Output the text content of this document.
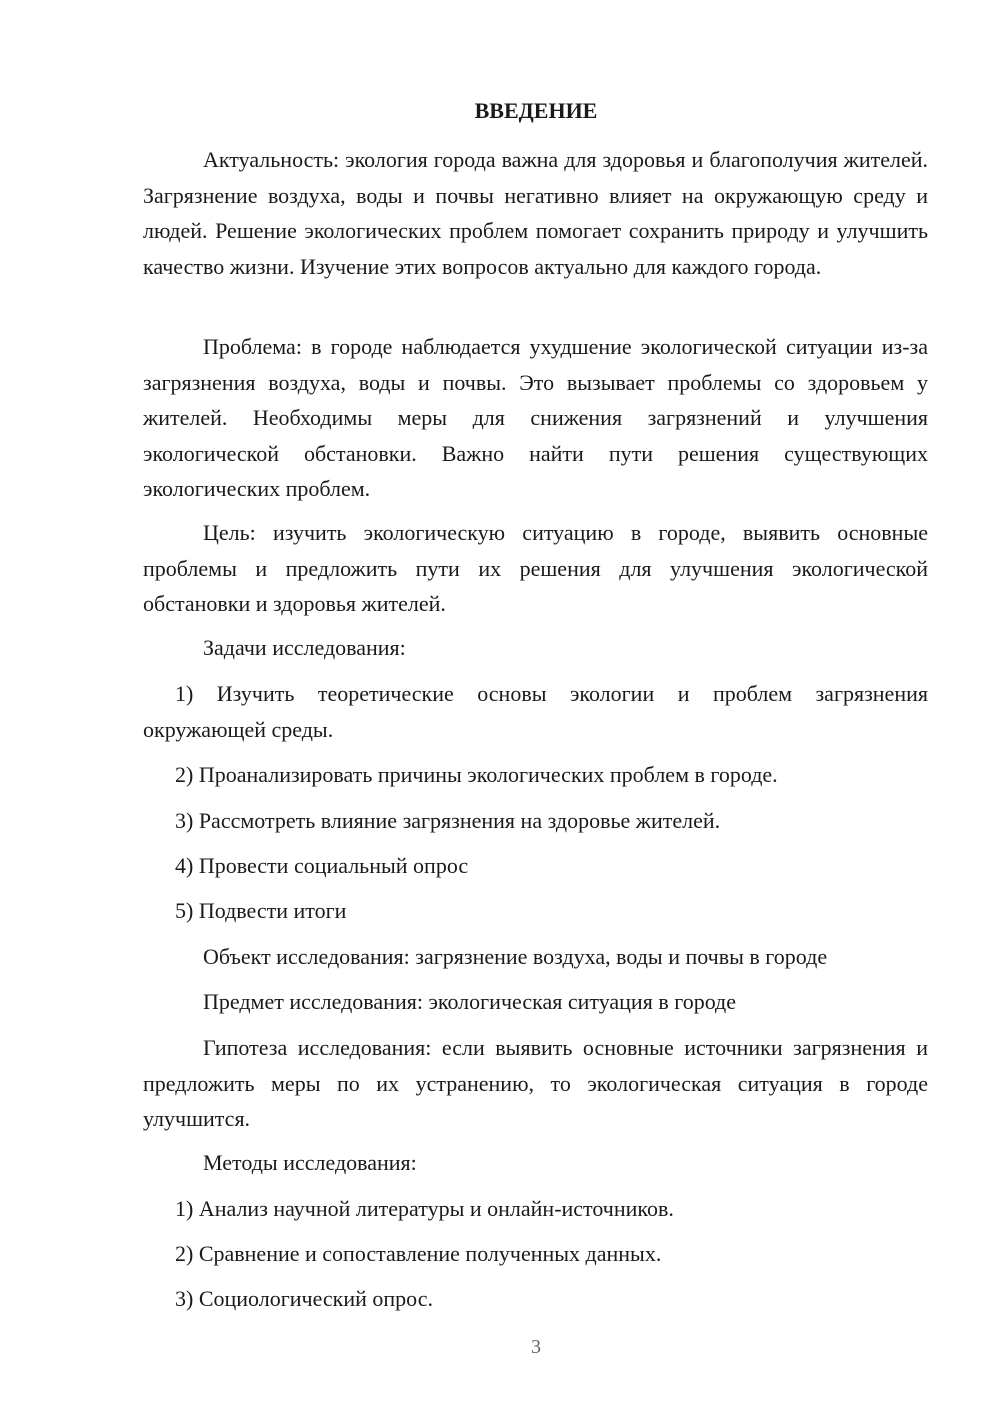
ВВЕДЕНИЕ

Актуальность: экология города важна для здоровья и благополучия жителей. Загрязнение воздуха, воды и почвы негативно влияет на окружающую среду и людей. Решение экологических проблем помогает сохранить природу и улучшить качество жизни. Изучение этих вопросов актуально для каждого города.

Проблема: в городе наблюдается ухудшение экологической ситуации из-за загрязнения воздуха, воды и почвы. Это вызывает проблемы со здоровьем у жителей. Необходимы меры для снижения загрязнений и улучшения экологической обстановки. Важно найти пути решения существующих экологических проблем.

Цель: изучить экологическую ситуацию в городе, выявить основные проблемы и предложить пути их решения для улучшения экологической обстановки и здоровья жителей.

Задачи исследования:

1) Изучить теоретические основы экологии и проблем загрязнения окружающей среды.

2) Проанализировать причины экологических проблем в городе.

3) Рассмотреть влияние загрязнения на здоровье жителей.

4) Провести социальный опрос

5) Подвести итоги

Объект исследования: загрязнение воздуха, воды и почвы в городе

Предмет исследования: экологическая ситуация в городе

Гипотеза исследования: если выявить основные источники загрязнения и предложить меры по их устранению, то экологическая ситуация в городе улучшится.

Методы исследования:

1) Анализ научной литературы и онлайн-источников.

2) Сравнение и сопоставление полученных данных.

3) Социологический опрос.

3
